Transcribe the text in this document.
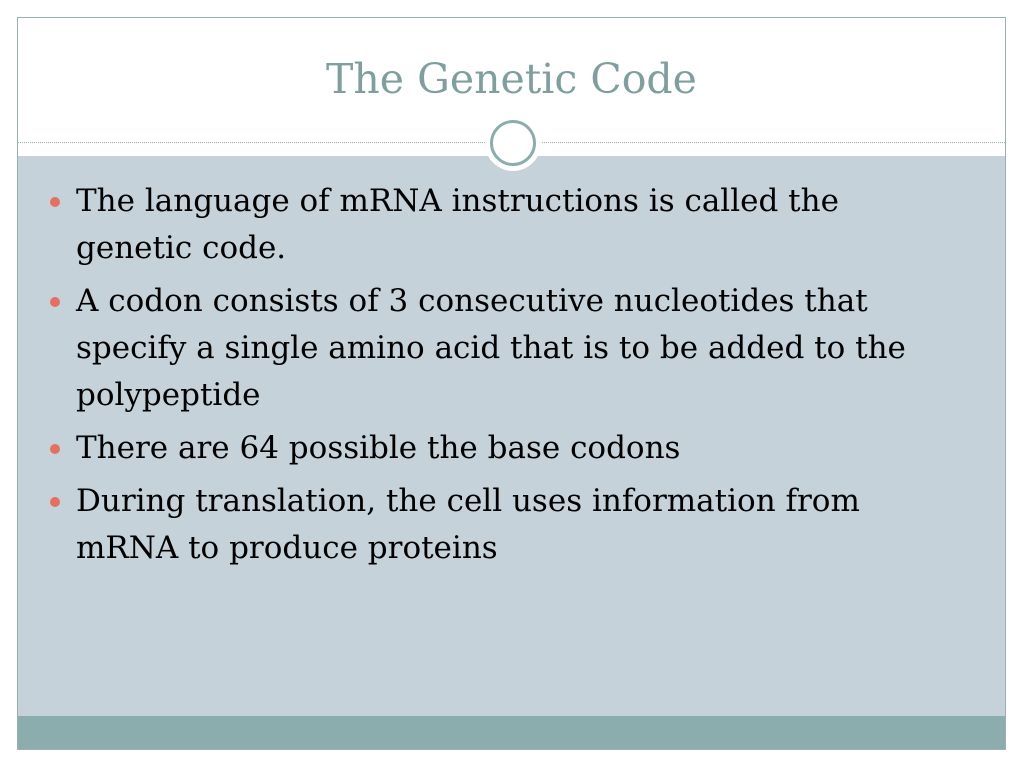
The Genetic Code
The language of mRNA instructions is called the genetic code.
A codon consists of 3 consecutive nucleotides that specify a single amino acid that is to be added to the polypeptide
There are 64 possible the base codons
During translation, the cell uses information from mRNA to produce proteins
